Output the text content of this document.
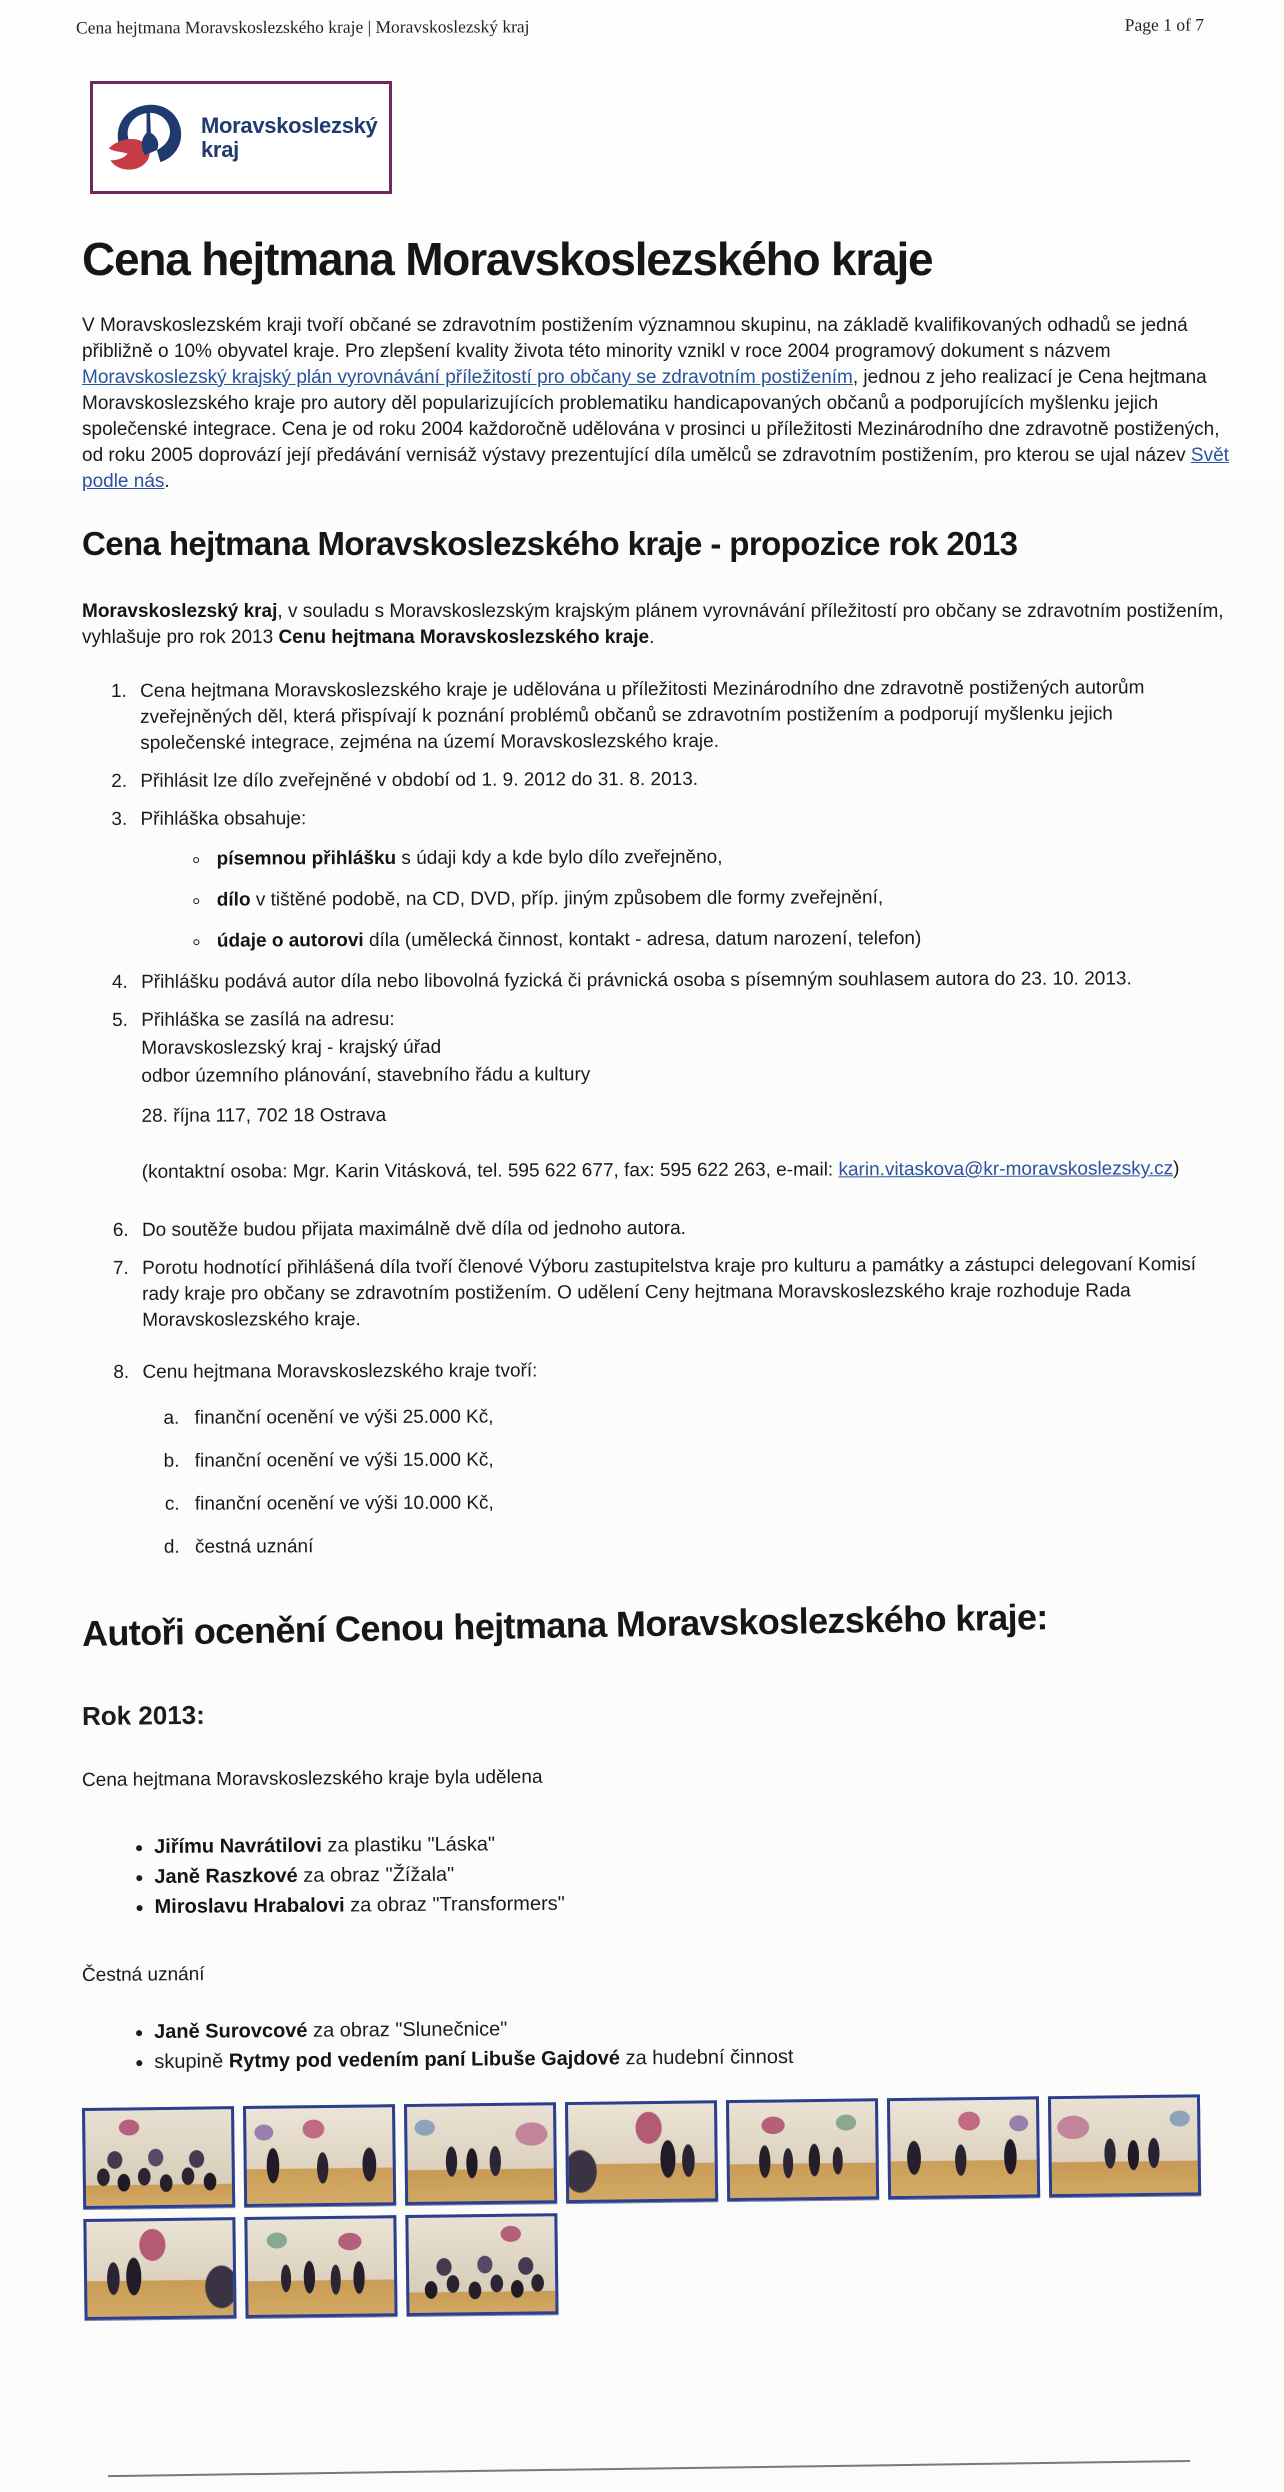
Cena hejtmana Moravskoslezského kraje | Moravskoslezský kraj	Page 1 of 7
Moravskoslezský
kraj
Cena hejtmana Moravskoslezského kraje

V Moravskoslezském kraji tvoří občané se zdravotním postižením významnou skupinu, na základě kvalifikovaných odhadů se jedná přibližně o 10% obyvatel kraje. Pro zlepšení kvality života této minority vznikl v roce 2004 programový dokument s názvem Moravskoslezský krajský plán vyrovnávání příležitostí pro občany se zdravotním postižením, jednou z jeho realizací je Cena hejtmana Moravskoslezského kraje pro autory děl popularizujících problematiku handicapovaných občanů a podporujících myšlenku jejich společenské integrace. Cena je od roku 2004 každoročně udělována v prosinci u příležitosti Mezinárodního dne zdravotně postižených, od roku 2005 doprovází její předávání vernisáž výstavy prezentující díla umělců se zdravotním postižením, pro kterou se ujal název Svět podle nás.

Cena hejtmana Moravskoslezského kraje - propozice rok 2013

Moravskoslezský kraj, v souladu s Moravskoslezským krajským plánem vyrovnávání příležitostí pro občany se zdravotním postižením, vyhlašuje pro rok 2013 Cenu hejtmana Moravskoslezského kraje.

1. Cena hejtmana Moravskoslezského kraje je udělována u příležitosti Mezinárodního dne zdravotně postižených autorům zveřejněných děl, která přispívají k poznání problémů občanů se zdravotním postižením a podporují myšlenku jejich společenské integrace, zejména na území Moravskoslezského kraje.
2. Přihlásit lze dílo zveřejněné v období od 1. 9. 2012 do 31. 8. 2013.
3. Přihláška obsahuje:
◦ písemnou přihlášku s údaji kdy a kde bylo dílo zveřejněno,
◦ dílo v tištěné podobě, na CD, DVD, příp. jiným způsobem dle formy zveřejnění,
◦ údaje o autorovi díla (umělecká činnost, kontakt - adresa, datum narození, telefon)
4. Přihlášku podává autor díla nebo libovolná fyzická či právnická osoba s písemným souhlasem autora do 23. 10. 2013.
5. Přihláška se zasílá na adresu:
Moravskoslezský kraj - krajský úřad
odbor územního plánování, stavebního řádu a kultury
28. října 117, 702 18 Ostrava
(kontaktní osoba: Mgr. Karin Vitásková, tel. 595 622 677, fax: 595 622 263, e-mail: karin.vitaskova@kr-moravskoslezsky.cz)
6. Do soutěže budou přijata maximálně dvě díla od jednoho autora.
7. Porotu hodnotící přihlášená díla tvoří členové Výboru zastupitelstva kraje pro kulturu a památky a zástupci delegovaní Komisí rady kraje pro občany se zdravotním postižením. O udělení Ceny hejtmana Moravskoslezského kraje rozhoduje Rada Moravskoslezského kraje.
8. Cenu hejtmana Moravskoslezského kraje tvoří:
a. finanční ocenění ve výši 25.000 Kč,
b. finanční ocenění ve výši 15.000 Kč,
c. finanční ocenění ve výši 10.000 Kč,
d. čestná uznání
Autoři ocenění Cenou hejtmana Moravskoslezského kraje:
Rok 2013:

Cena hejtmana Moravskoslezského kraje byla udělena

• Jiřímu Navrátilovi za plastiku "Láska"
• Janě Raszkové za obraz "Žížala"
• Miroslavu Hrabalovi za obraz "Transformers"

Čestná uznání

• Janě Surovcové za obraz "Slunečnice"
• skupině Rytmy pod vedením paní Libuše Gajdové za hudební činnost
